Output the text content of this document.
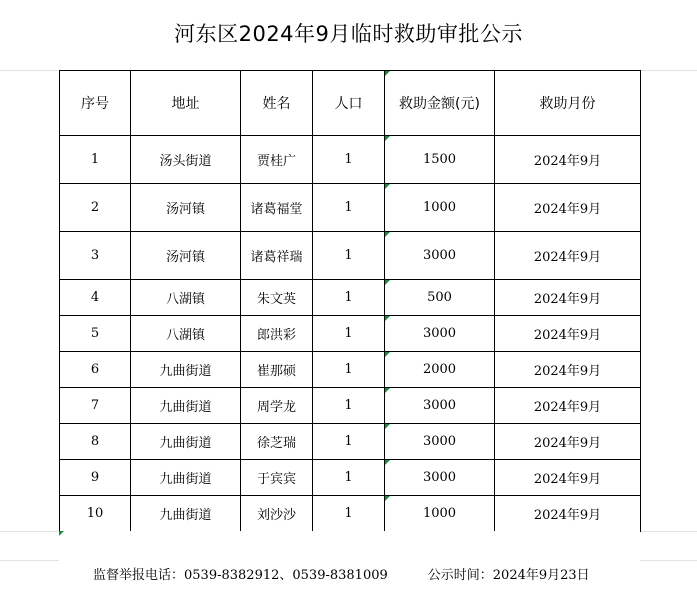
河东区2024年9月临时救助审批公示
序号	地址	姓名	人口	救助金额(元)	救助月份
1	汤头街道	贾桂广	1	1500	2024年9月
2	汤河镇	诸葛福堂	1	1000	2024年9月
3	汤河镇	诸葛祥瑞	1	3000	2024年9月
4	八湖镇	朱文英	1	500	2024年9月
5	八湖镇	郎洪彩	1	3000	2024年9月
6	九曲街道	崔那硕	1	2000	2024年9月
7	九曲街道	周学龙	1	3000	2024年9月
8	九曲街道	徐芝瑞	1	3000	2024年9月
9	九曲街道	于宾宾	1	3000	2024年9月
10	九曲街道	刘沙沙	1	1000	2024年9月
监督举报电话：0539-8382912、0539-8381009	公示时间：2024年9月23日
